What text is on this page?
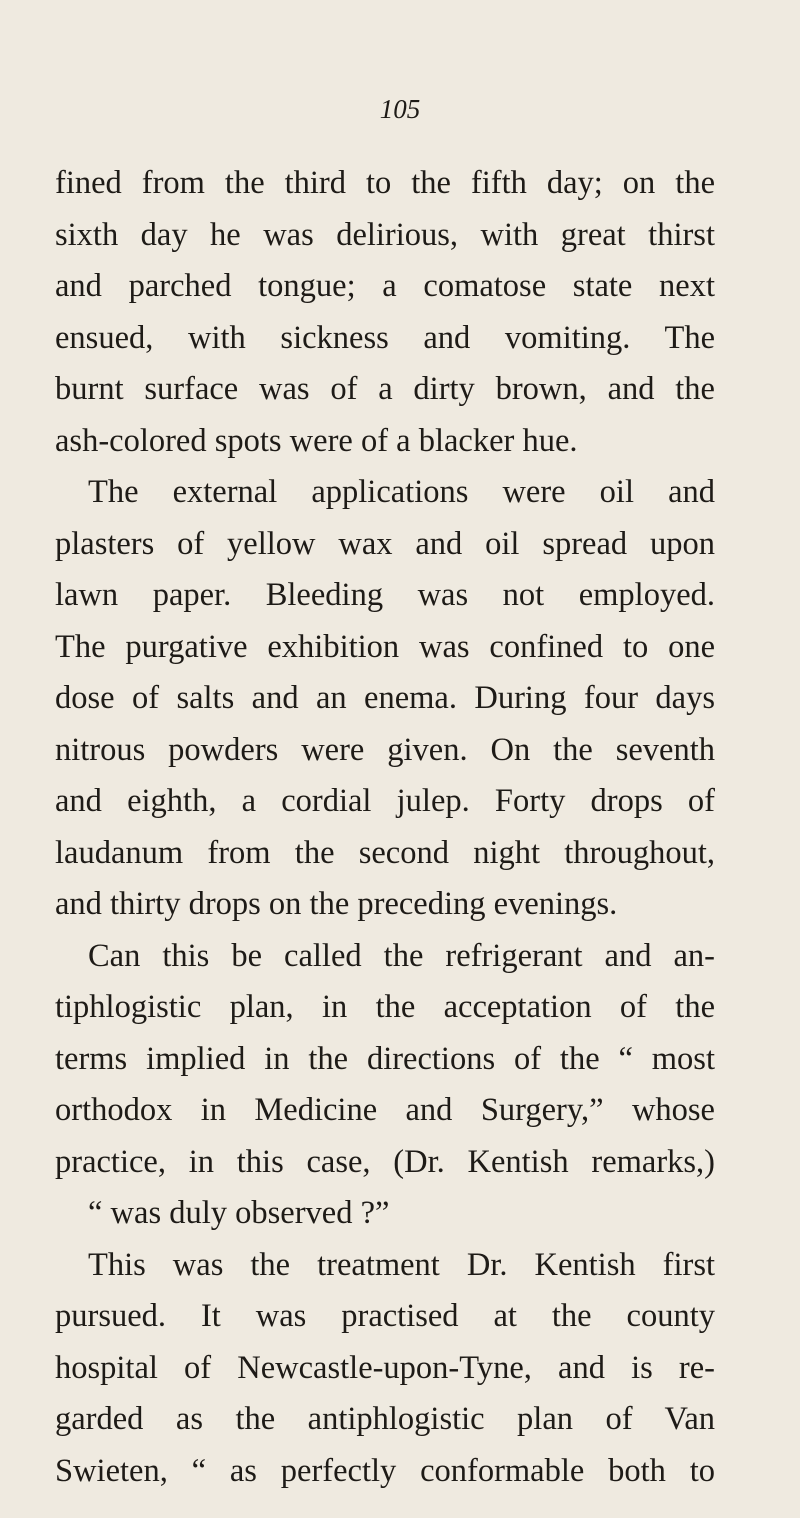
105
fined from the third to the fifth day; on the
sixth day he was delirious, with great thirst
and parched tongue; a comatose state next
ensued, with sickness and vomiting. The
burnt surface was of a dirty brown, and the
ash-colored spots were of a blacker hue.
The external applications were oil and
plasters of yellow wax and oil spread upon
lawn paper. Bleeding was not employed.
The purgative exhibition was confined to one
dose of salts and an enema. During four days
nitrous powders were given. On the seventh
and eighth, a cordial julep. Forty drops of
laudanum from the second night throughout,
and thirty drops on the preceding evenings.
Can this be called the refrigerant and an-
tiphlogistic plan, in the acceptation of the
terms implied in the directions of the “ most
orthodox in Medicine and Surgery,” whose
practice, in this case, (Dr. Kentish remarks,)
“ was duly observed ?”
This was the treatment Dr. Kentish first
pursued. It was practised at the county
hospital of Newcastle-upon-Tyne, and is re-
garded as the antiphlogistic plan of Van
Swieten, “ as perfectly conformable both to
